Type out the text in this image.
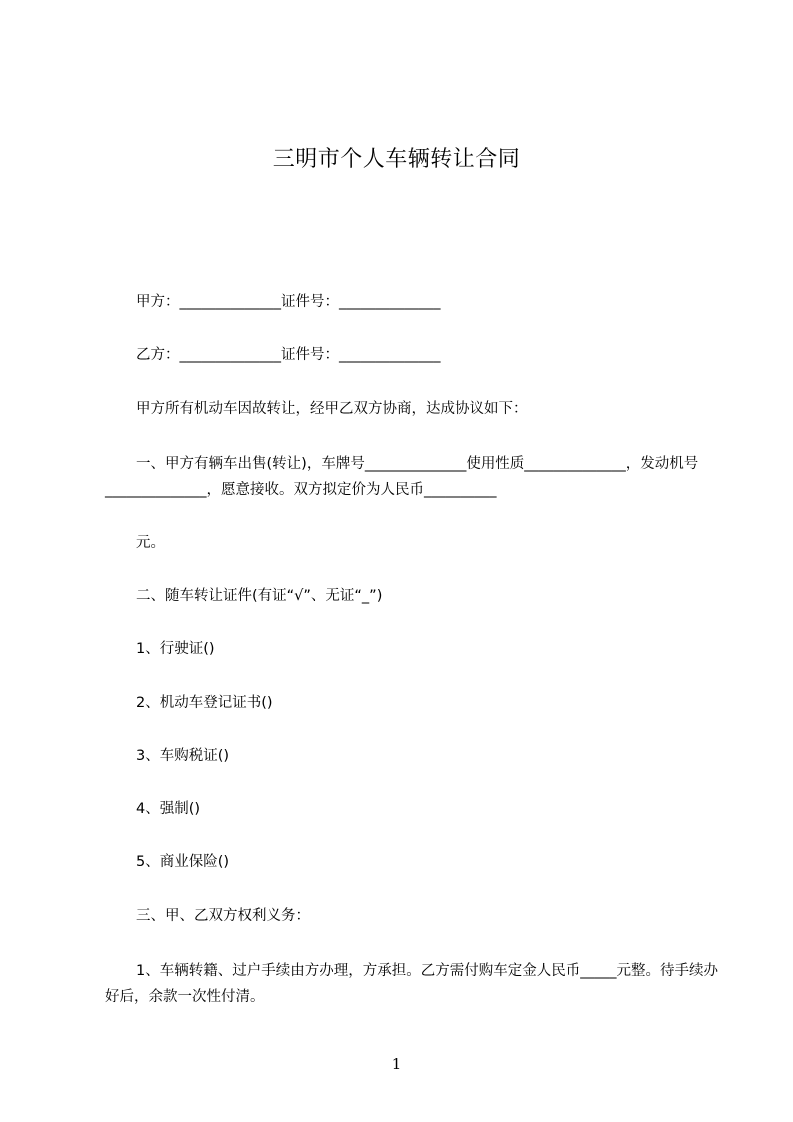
三明市个人车辆转让合同
甲方：______________证件号：______________
乙方：______________证件号：______________
甲方所有机动车因故转让，经甲乙双方协商，达成协议如下：
一、甲方有辆车出售(转让)，车牌号______________使用性质______________，发动机号______________，愿意接收。双方拟定价为人民币__________
元。
二、随车转让证件(有证“√”、无证“_”)
1、行驶证()
2、机动车登记证书()
3、车购税证()
4、强制()
5、商业保险()
三、甲、乙双方权利义务：
1、车辆转籍、过户手续由方办理，方承担。乙方需付购车定金人民币_____元整。待手续办好后，余款一次性付清。
1
